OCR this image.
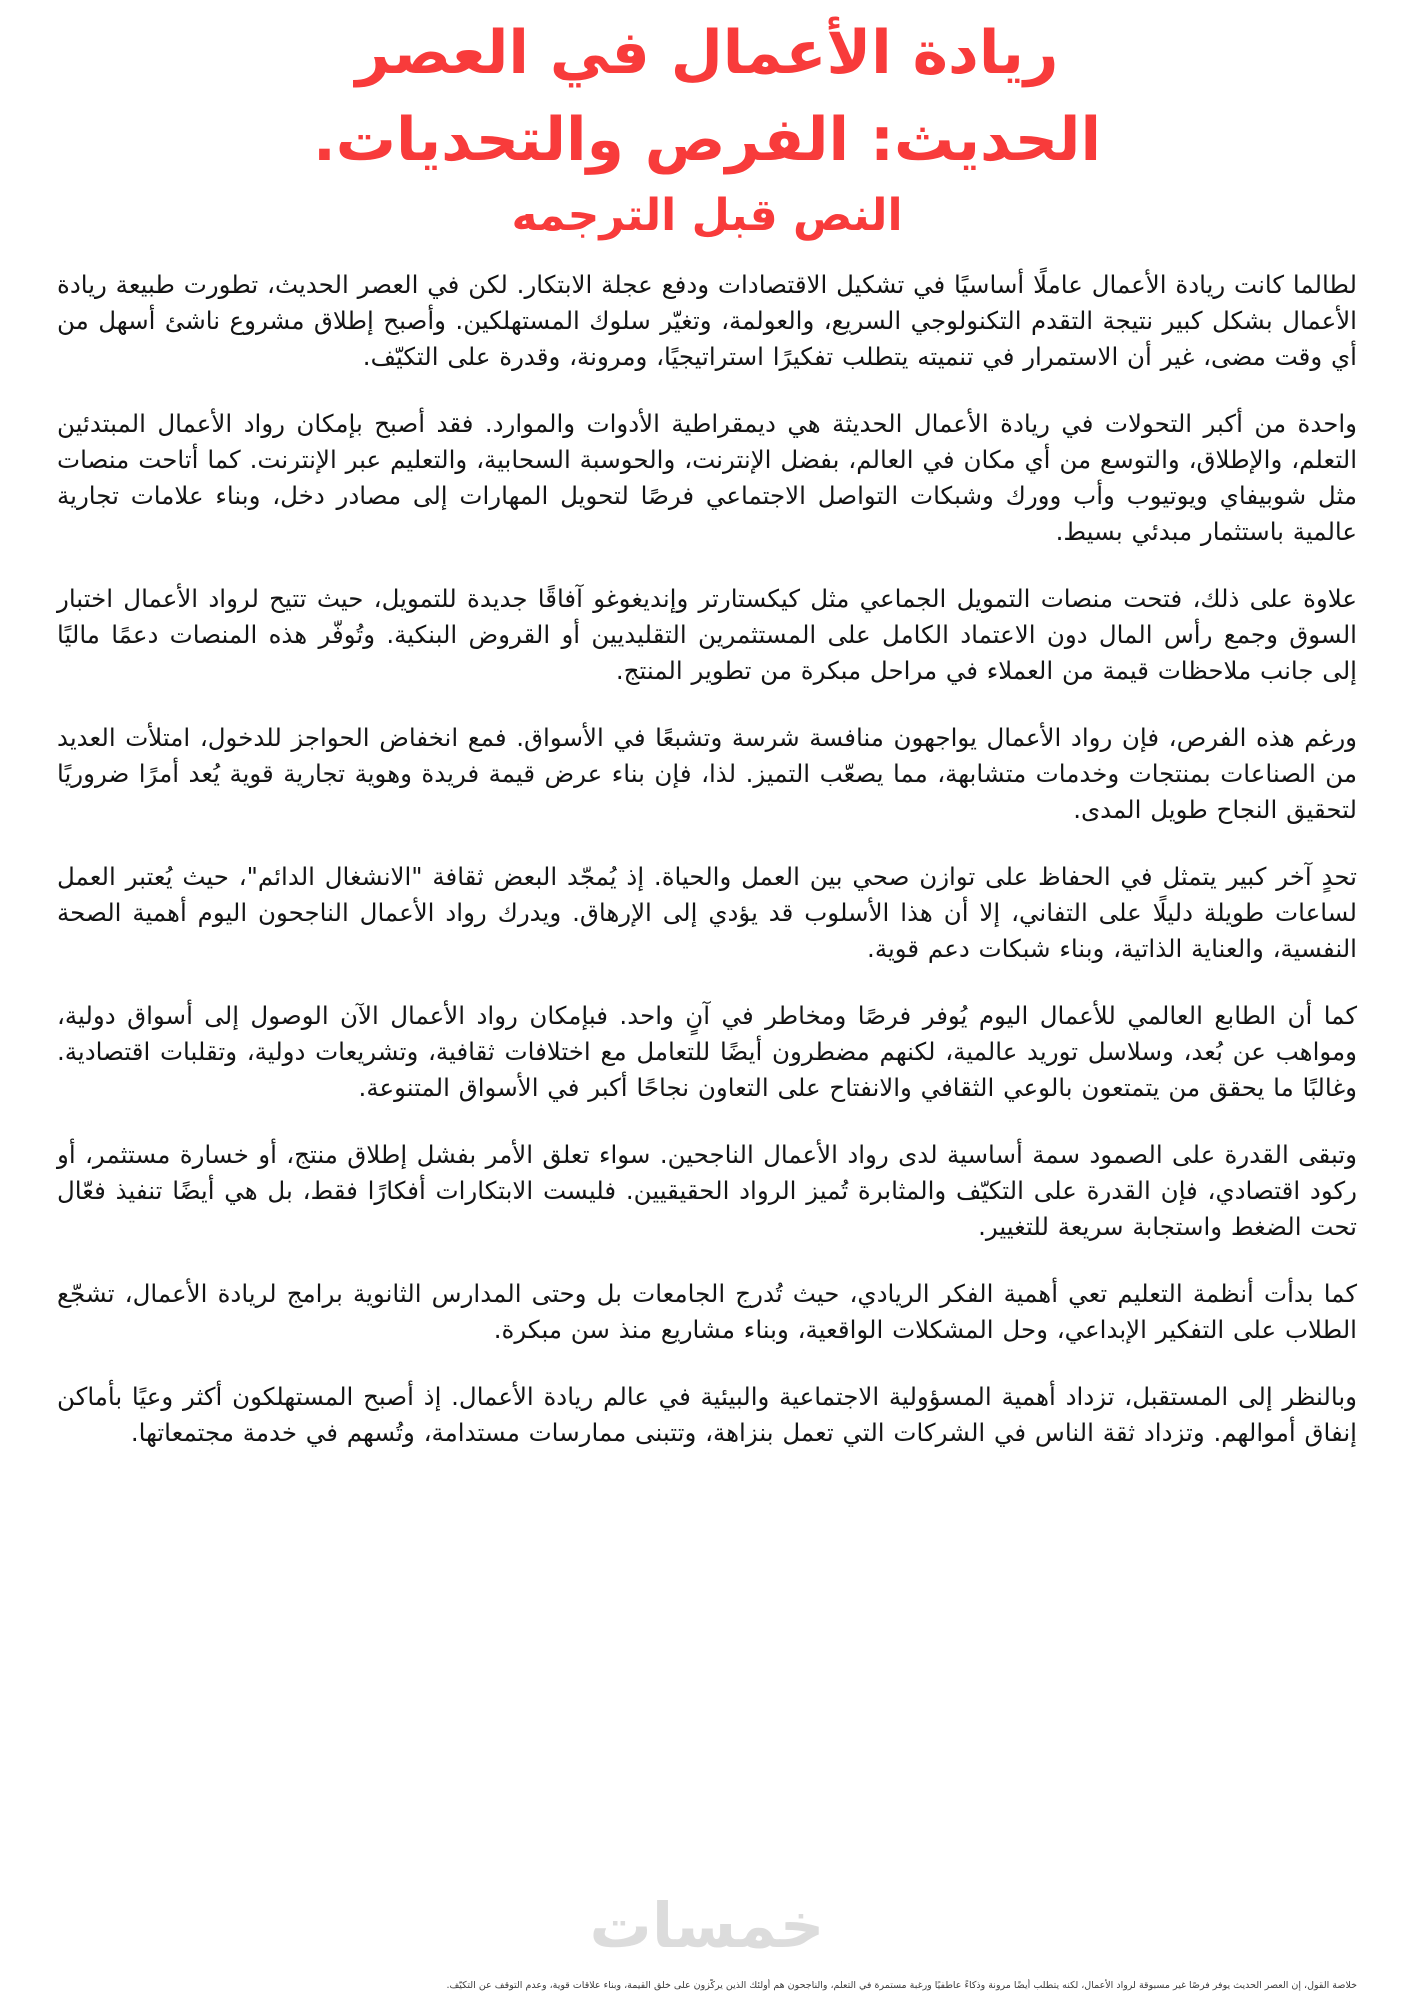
ريادة الأعمال في العصر الحديث: الفرص والتحديات.
النص قبل الترجمه

لطالما كانت ريادة الأعمال عاملًا أساسيًا في تشكيل الاقتصادات ودفع عجلة الابتكار. لكن في العصر الحديث، تطورت طبيعة ريادة الأعمال بشكل كبير نتيجة التقدم التكنولوجي السريع، والعولمة، وتغيّر سلوك المستهلكين. وأصبح إطلاق مشروع ناشئ أسهل من أي وقت مضى، غير أن الاستمرار في تنميته يتطلب تفكيرًا استراتيجيًا، ومرونة، وقدرة على التكيّف.

واحدة من أكبر التحولات في ريادة الأعمال الحديثة هي ديمقراطية الأدوات والموارد. فقد أصبح بإمكان رواد الأعمال المبتدئين التعلم، والإطلاق، والتوسع من أي مكان في العالم، بفضل الإنترنت، والحوسبة السحابية، والتعليم عبر الإنترنت. كما أتاحت منصات مثل شوبيفاي ويوتيوب وأب وورك وشبكات التواصل الاجتماعي فرصًا لتحويل المهارات إلى مصادر دخل، وبناء علامات تجارية عالمية باستثمار مبدئي بسيط.

علاوة على ذلك، فتحت منصات التمويل الجماعي مثل كيكستارتر وإنديغوغو آفاقًا جديدة للتمويل، حيث تتيح لرواد الأعمال اختبار السوق وجمع رأس المال دون الاعتماد الكامل على المستثمرين التقليديين أو القروض البنكية. وتُوفّر هذه المنصات دعمًا ماليًا إلى جانب ملاحظات قيمة من العملاء في مراحل مبكرة من تطوير المنتج.

ورغم هذه الفرص، فإن رواد الأعمال يواجهون منافسة شرسة وتشبعًا في الأسواق. فمع انخفاض الحواجز للدخول، امتلأت العديد من الصناعات بمنتجات وخدمات متشابهة، مما يصعّب التميز. لذا، فإن بناء عرض قيمة فريدة وهوية تجارية قوية يُعد أمرًا ضروريًا لتحقيق النجاح طويل المدى.

تحدٍ آخر كبير يتمثل في الحفاظ على توازن صحي بين العمل والحياة. إذ يُمجّد البعض ثقافة "الانشغال الدائم"، حيث يُعتبر العمل لساعات طويلة دليلًا على التفاني، إلا أن هذا الأسلوب قد يؤدي إلى الإرهاق. ويدرك رواد الأعمال الناجحون اليوم أهمية الصحة النفسية، والعناية الذاتية، وبناء شبكات دعم قوية.

كما أن الطابع العالمي للأعمال اليوم يُوفر فرصًا ومخاطر في آنٍ واحد. فبإمكان رواد الأعمال الآن الوصول إلى أسواق دولية، ومواهب عن بُعد، وسلاسل توريد عالمية، لكنهم مضطرون أيضًا للتعامل مع اختلافات ثقافية، وتشريعات دولية، وتقلبات اقتصادية. وغالبًا ما يحقق من يتمتعون بالوعي الثقافي والانفتاح على التعاون نجاحًا أكبر في الأسواق المتنوعة.

وتبقى القدرة على الصمود سمة أساسية لدى رواد الأعمال الناجحين. سواء تعلق الأمر بفشل إطلاق منتج، أو خسارة مستثمر، أو ركود اقتصادي، فإن القدرة على التكيّف والمثابرة تُميز الرواد الحقيقيين. فليست الابتكارات أفكارًا فقط، بل هي أيضًا تنفيذ فعّال تحت الضغط واستجابة سريعة للتغيير.

كما بدأت أنظمة التعليم تعي أهمية الفكر الريادي، حيث تُدرج الجامعات بل وحتى المدارس الثانوية برامج لريادة الأعمال، تشجّع الطلاب على التفكير الإبداعي، وحل المشكلات الواقعية، وبناء مشاريع منذ سن مبكرة.

وبالنظر إلى المستقبل، تزداد أهمية المسؤولية الاجتماعية والبيئية في عالم ريادة الأعمال. إذ أصبح المستهلكون أكثر وعيًا بأماكن إنفاق أموالهم. وتزداد ثقة الناس في الشركات التي تعمل بنزاهة، وتتبنى ممارسات مستدامة، وتُسهم في خدمة مجتمعاتها.

خمسات
خلاصة القول، إن العصر الحديث يوفر فرصًا غير مسبوقة لرواد الأعمال، لكنه يتطلب أيضًا مرونة وذكاءً عاطفيًا ورغبة مستمرة في التعلم، والناجحون هم أولئك الذين يركّزون على خلق القيمة، وبناء علاقات قوية، وعدم التوقف عن التكيّف.
